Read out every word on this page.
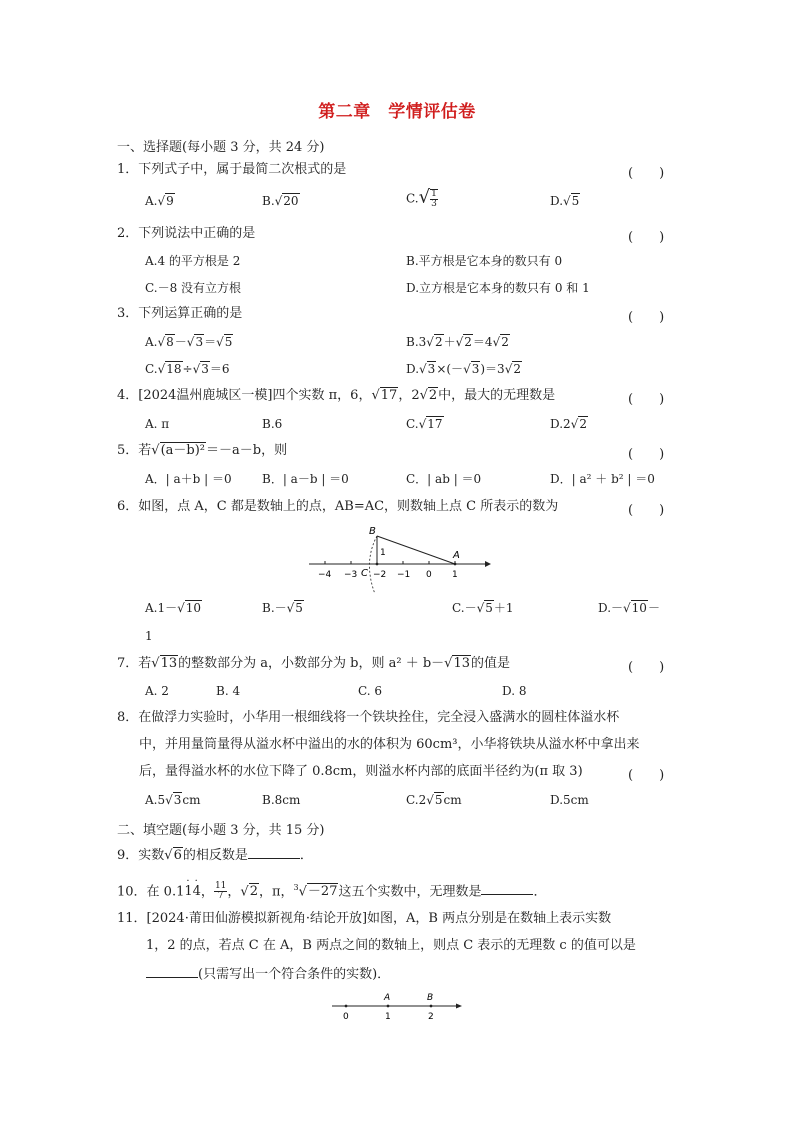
第二章　学情评估卷
一、选择题(每小题 3 分，共 24 分)
1．下列式子中，属于最简二次根式的是	(　　)
A.√9	B.√20	$C.√ \frac{1}{3}$	D.√5
2．下列说法中正确的是	(　　)
A.4 的平方根是 2	B.平方根是它本身的数只有 0
C.－8 没有立方根	D.立方根是它本身的数只有 0 和 1
3．下列运算正确的是	(　　)
A.√8－√3＝√5	B.3√2＋√2＝4√2
C.√18÷√3＝6	D.√3×(－√3)＝3√2
4．[2024温州鹿城区一模]四个实数 π，6，√17，2√2中，最大的无理数是	(　　)
A. π	B.6	C.√17	D.2√2
5．若√(a－b)²＝－a－b，则	(　　)
A．| a＋b | ＝0	B．| a－b | ＝0	C．| ab | ＝0	D．| a² ＋ b² | ＝0
6．如图，点 A，C 都是数轴上的点，AB=AC，则数轴上点 C 所表示的数为	(　　)
B
A
C
1
−4 −3 −2 −1 0 1
A.1－√10	B.－√5	C.－√5＋1	D.－√10－
1
7．若√13的整数部分为 a，小数部分为 b，则 a² ＋ b－√13的值是	(　　)
A. 2	B. 4	C. 6	D. 8
8．在做浮力实验时，小华用一根细线将一个铁块拴住，完全浸入盛满水的圆柱体溢水杯
中，并用量筒量得从溢水杯中溢出的水的体积为 60cm³，小华将铁块从溢水杯中拿出来
后，量得溢水杯的水位下降了 0.8cm，则溢水杯内部的底面半径约为(π 取 3)	(　　)
A.5√3cm	B.8cm	C.2√5cm	D.5cm
二、填空题(每小题 3 分，共 15 分)
9．实数√6的相反数是	．
10．在 0.11
·
4
·
， $\frac{11}{7}$ ，√2，π，$^3$√－27这五个实数中，无理数是	．
11．[2024·莆田仙游模拟新视角·结论开放]如图，A，B 两点分别是在数轴上表示实数
1，2 的点，若点 C 在 A，B 两点之间的数轴上，则点 C 表示的无理数 c 的值可以是
(只需写出一个符合条件的实数)．
A	B
0	1	2
